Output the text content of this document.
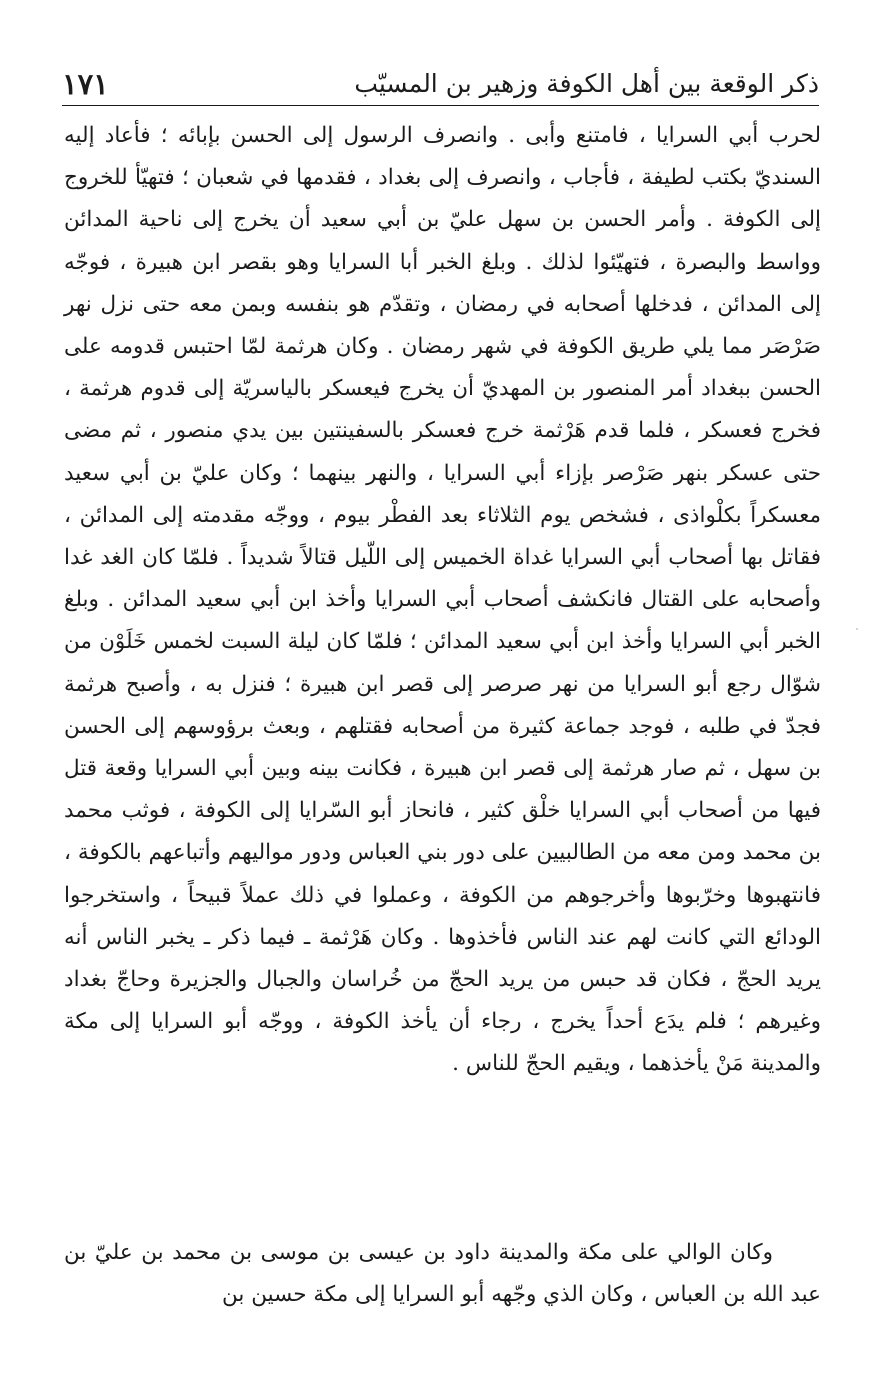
ذكر الوقعة بين أهل الكوفة وزهير بن المسيّب
١٧١

لحرب أبي السرايا ، فامتنع وأبى . وانصرف الرسول إلى الحسن بإبائه ؛ فأعاد إليه السنديّ بكتب لطيفة ، فأجاب ، وانصرف إلى بغداد ، فقدمها في شعبان ؛ فتهيّأ للخروج إلى الكوفة . وأمر الحسن بن سهل عليّ بن أبي سعيد أن يخرج إلى ناحية المدائن وواسط والبصرة ، فتهيّئوا لذلك . وبلغ الخبر أبا السرايا وهو بقصر ابن هبيرة ، فوجّه إلى المدائن ، فدخلها أصحابه في رمضان ، وتقدّم هو بنفسه وبمن معه حتى نزل نهر صَرْصَر مما يلي طريق الكوفة في شهر رمضان . وكان هرثمة لمّا احتبس قدومه على الحسن ببغداد أمر المنصور بن المهديّ أن يخرج فيعسكر بالياسريّة إلى قدوم هرثمة ، فخرج فعسكر ، فلما قدم هَرْثمة خرج فعسكر بالسفينتين بين يدي منصور ، ثم مضى حتى عسكر بنهر صَرْصر بإزاء أبي السرايا ، والنهر بينهما ؛ وكان عليّ بن أبي سعيد معسكراً بكلْواذى ، فشخص يوم الثلاثاء بعد الفطْر بيوم ، ووجّه مقدمته إلى المدائن ، فقاتل بها أصحاب أبي السرايا غداة الخميس إلى اللّيل قتالاً شديداً . فلمّا كان الغد غدا وأصحابه على القتال فانكشف أصحاب أبي السرايا وأخذ ابن أبي سعيد المدائن . وبلغ الخبر أبي السرايا وأخذ ابن أبي سعيد المدائن ؛ فلمّا كان ليلة السبت لخمس خَلَوْن من شوّال رجع أبو السرايا من نهر صرصر إلى قصر ابن هبيرة ؛ فنزل به ، وأصبح هرثمة فجدّ في طلبه ، فوجد جماعة كثيرة من أصحابه فقتلهم ، وبعث برؤوسهم إلى الحسن بن سهل ، ثم صار هرثمة إلى قصر ابن هبيرة ، فكانت بينه وبين أبي السرايا وقعة قتل فيها من أصحاب أبي السرايا خلْق كثير ، فانحاز أبو السّرايا إلى الكوفة ، فوثب محمد بن محمد ومن معه من الطالبيين على دور بني العباس ودور مواليهم وأتباعهم بالكوفة ، فانتهبوها وخرّبوها وأخرجوهم من الكوفة ، وعملوا في ذلك عملاً قبيحاً ، واستخرجوا الودائع التي كانت لهم عند الناس فأخذوها . وكان هَرْثمة ـ فيما ذكر ـ يخبر الناس أنه يريد الحجّ ، فكان قد حبس من يريد الحجّ من خُراسان والجبال والجزيرة وحاجّ بغداد وغيرهم ؛ فلم يدَع أحداً يخرج ، رجاء أن يأخذ الكوفة ، ووجّه أبو السرايا إلى مكة والمدينة مَنْ يأخذهما ، ويقيم الحجّ للناس .

وكان الوالي على مكة والمدينة داود بن عيسى بن موسى بن محمد بن عليّ بن عبد الله بن العباس ، وكان الذي وجّهه أبو السرايا إلى مكة حسين بن
